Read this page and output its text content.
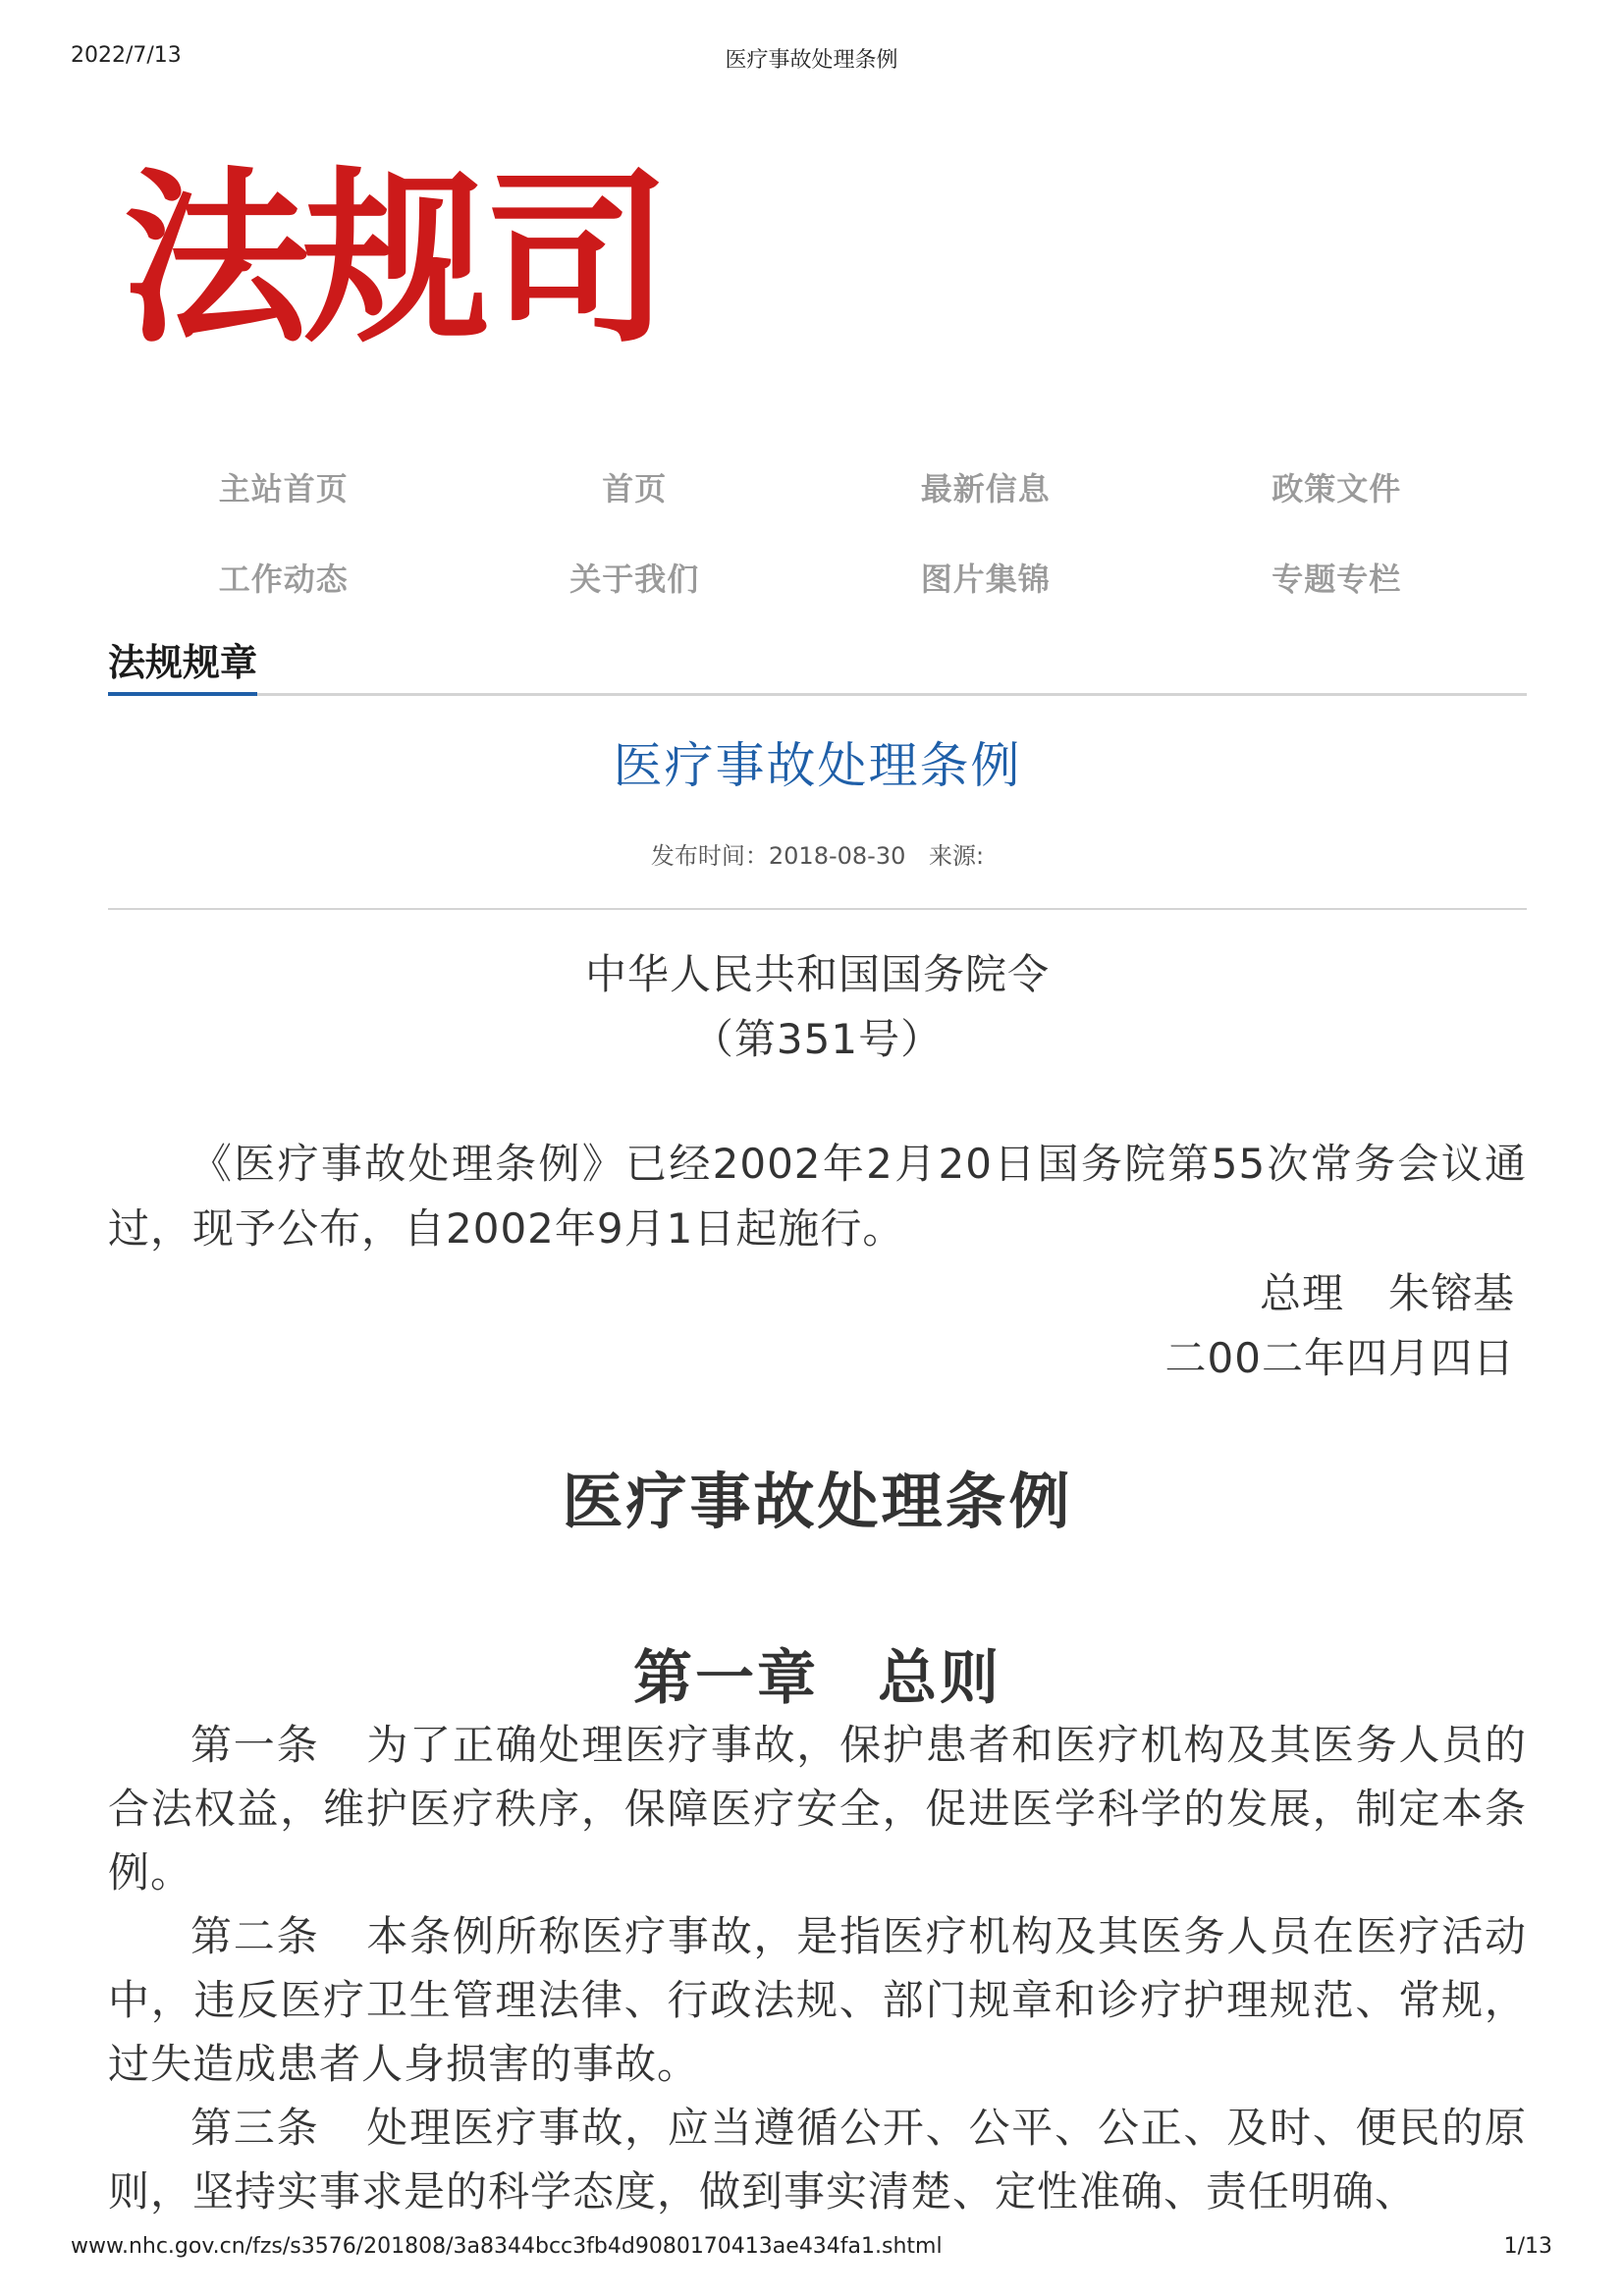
2022/7/13	医疗事故处理条例
法规司
主站首页	首页	最新信息	政策文件
工作动态	关于我们	图片集锦	专题专栏
法规规章
医疗事故处理条例
发布时间：2018-08-30 来源:
中华人民共和国国务院令
（第351号）
《医疗事故处理条例》已经2002年2月20日国务院第55次常务会议通过，现予公布，自2002年9月1日起施行。
总理 朱镕基
二00二年四月四日
医疗事故处理条例
第一章 总则
第一条 为了正确处理医疗事故，保护患者和医疗机构及其医务人员的合法权益，维护医疗秩序，保障医疗安全，促进医学科学的发展，制定本条例。
第二条 本条例所称医疗事故，是指医疗机构及其医务人员在医疗活动中，违反医疗卫生管理法律、行政法规、部门规章和诊疗护理规范、常规，过失造成患者人身损害的事故。
第三条 处理医疗事故，应当遵循公开、公平、公正、及时、便民的原则，坚持实事求是的科学态度，做到事实清楚、定性准确、责任明确、
www.nhc.gov.cn/fzs/s3576/201808/3a8344bcc3fb4d9080170413ae434fa1.shtml	1/13
